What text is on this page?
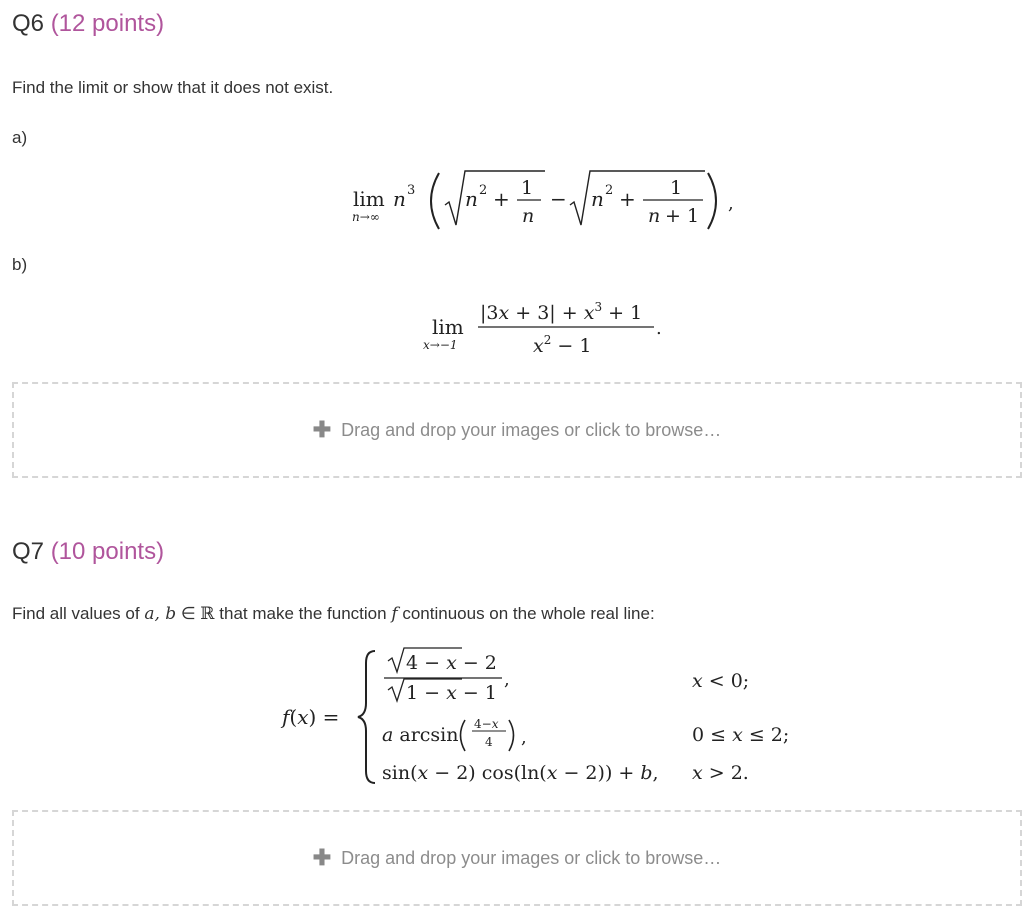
Q6 (12 points)
Find the limit or show that it does not exist.
a)
lim
n→∞
n 3 n 2 + 1
n
− n 2 + 1
n + 1
,
b)
lim
x→−1
$|3x + 3| + x^3 + 1$
$x^2 - 1$
.
✚ Drag and drop your images or click to browse…
Q7 (10 points)
Find all values of a, b ∈ ℝ that make the function f continuous on the whole real line:
f(x) =
4 − x − 2
1 − x − 1
,	x < 0;
a arcsin 4−x
4 ,	0 ≤ x ≤ 2;
sin(x − 2) cos(ln(x − 2)) + b, x > 2.
✚ Drag and drop your images or click to browse…
